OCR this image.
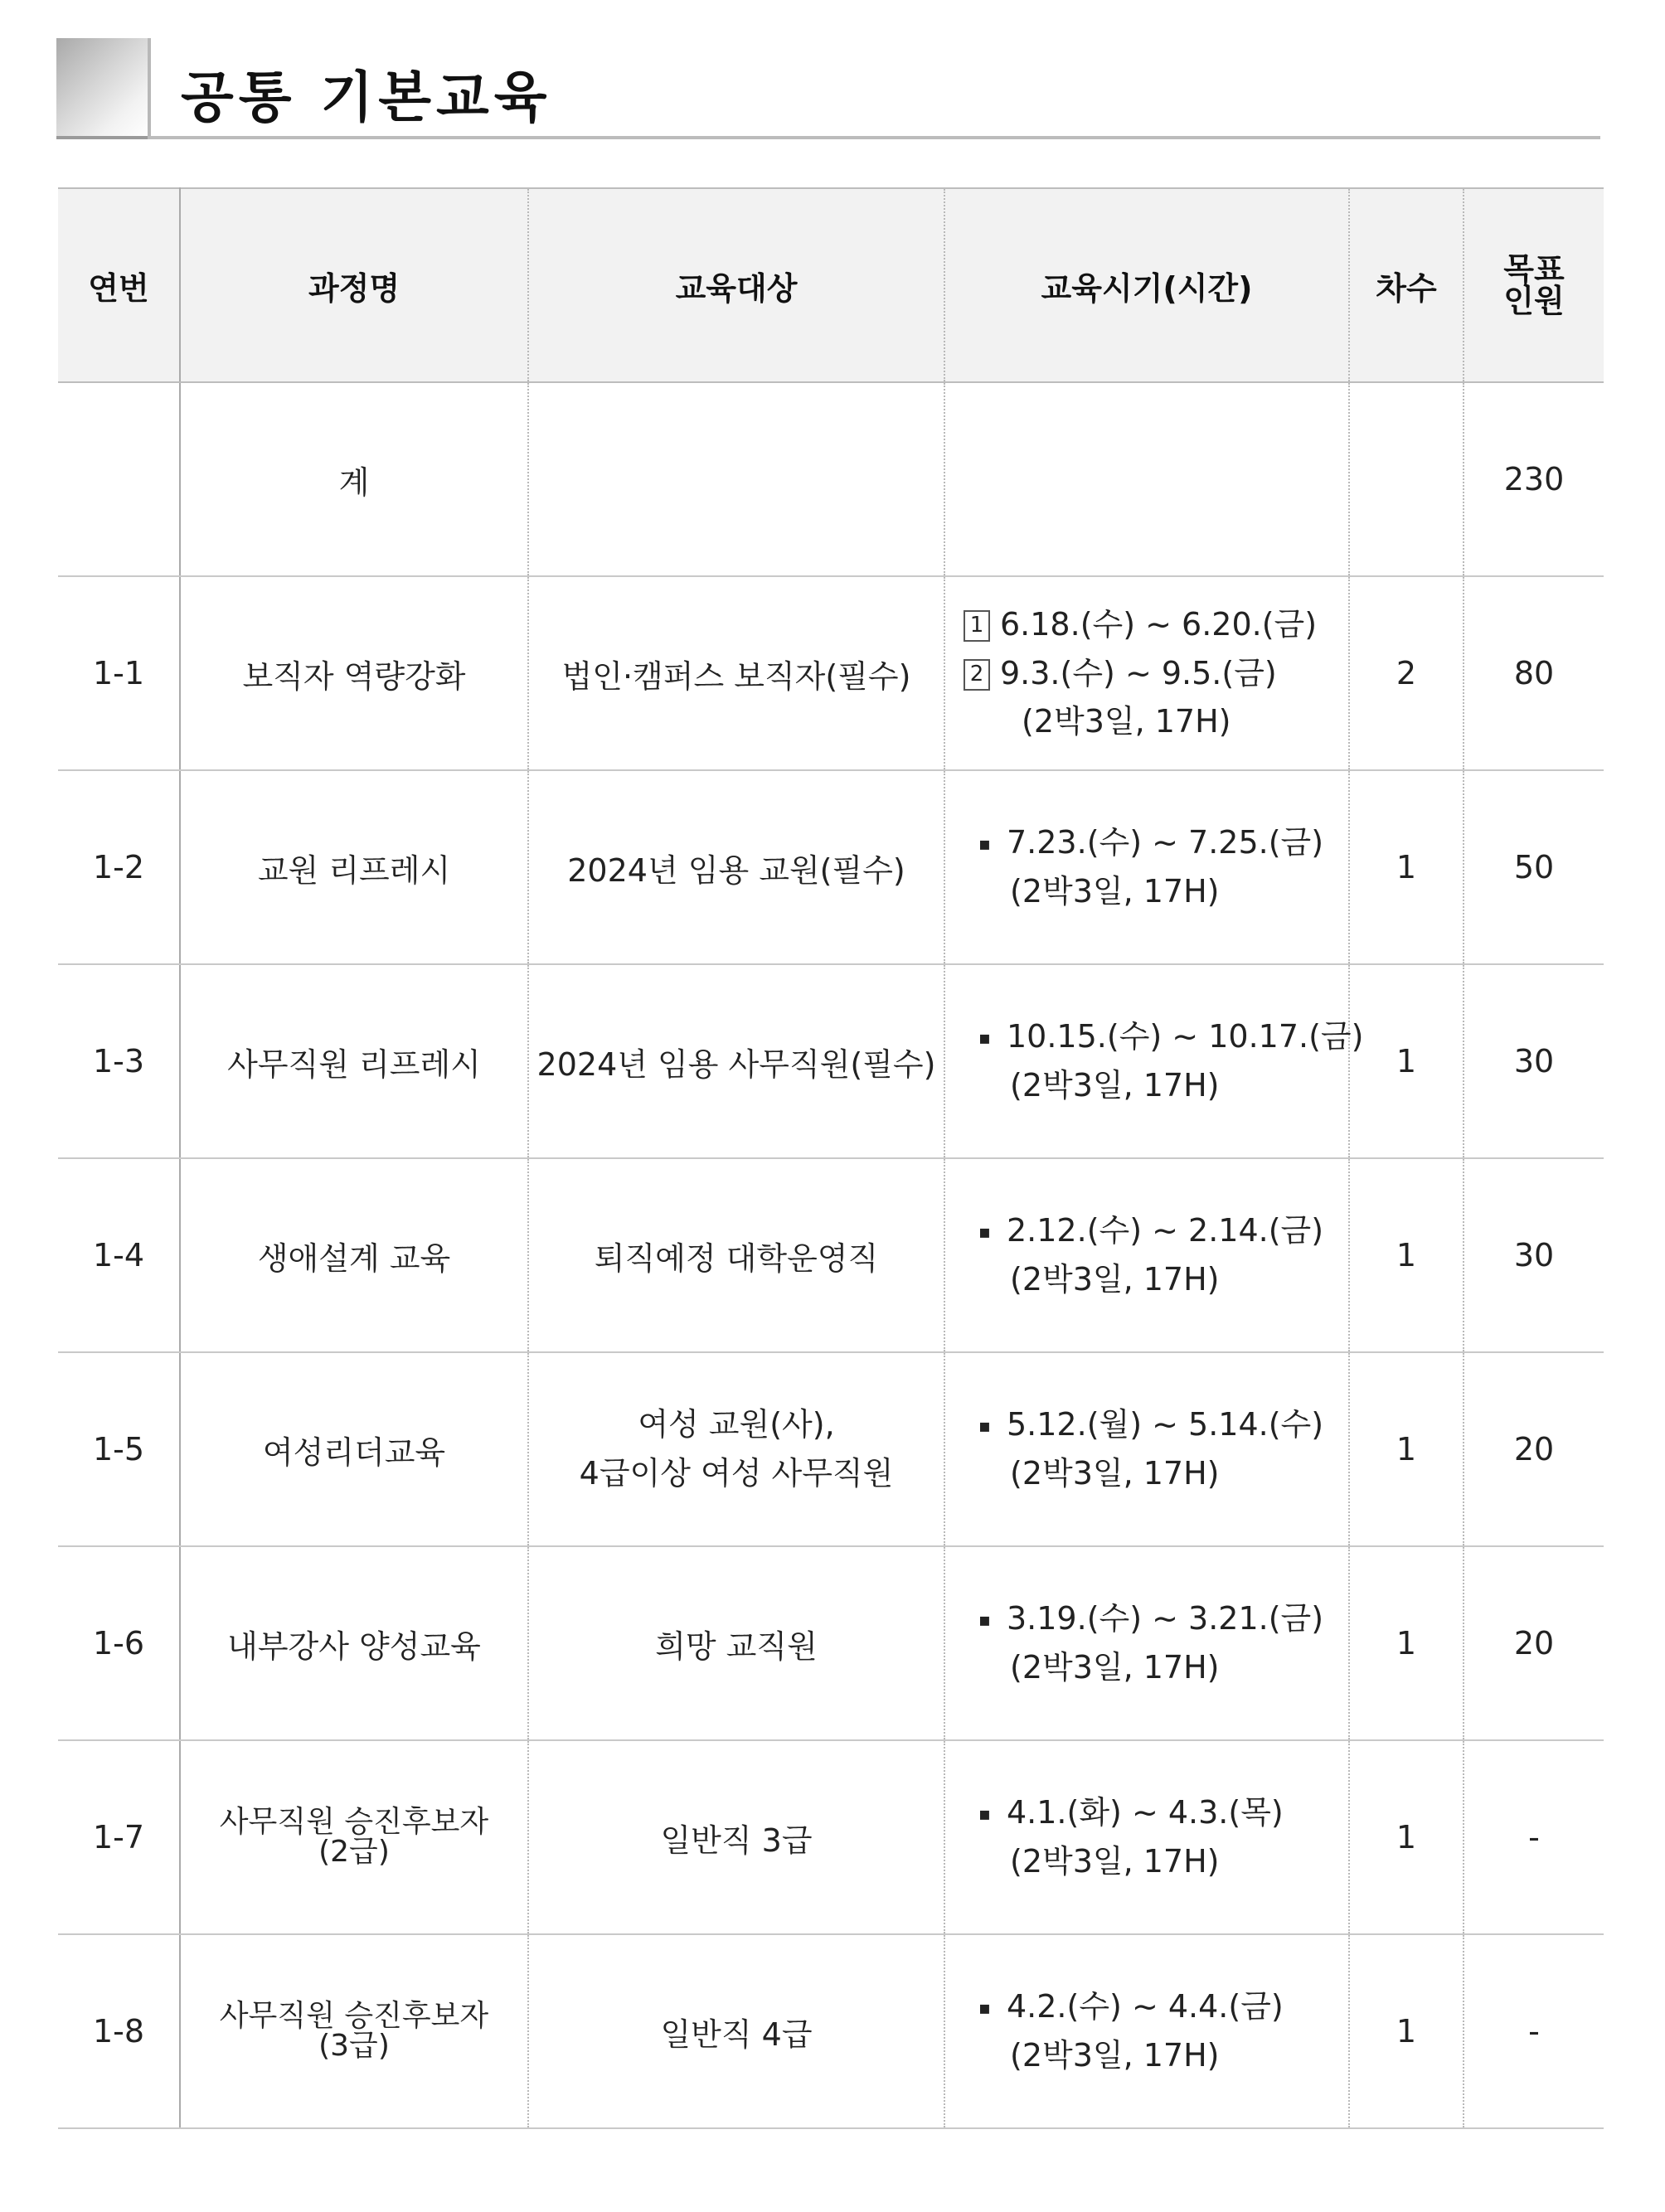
공통 기본교육
연번	과정명	교육대상	교육시기(시간)	차수	목표
인원
	계				230
1-1	보직자 역량강화	법인·캠퍼스 보직자(필수)	1 6.18.(수) ~ 6.20.(금)
2 9.3.(수) ~ 9.5.(금)
(2박3일, 17H)	2	80
1-2	교원 리프레시	2024년 임용 교원(필수)	▪ 7.23.(수) ~ 7.25.(금)
(2박3일, 17H)	1	50
1-3	사무직원 리프레시	2024년 임용 사무직원(필수)	▪ 10.15.(수) ~ 10.17.(금)
(2박3일, 17H)	1	30
1-4	생애설계 교육	퇴직예정 대학운영직	▪ 2.12.(수) ~ 2.14.(금)
(2박3일, 17H)	1	30
1-5	여성리더교육	여성 교원(사),
4급이상 여성 사무직원	▪ 5.12.(월) ~ 5.14.(수)
(2박3일, 17H)	1	20
1-6	내부강사 양성교육	희망 교직원	▪ 3.19.(수) ~ 3.21.(금)
(2박3일, 17H)	1	20
1-7	사무직원 승진후보자
(2급)	일반직 3급	▪ 4.1.(화) ~ 4.3.(목)
(2박3일, 17H)	1	-
1-8	사무직원 승진후보자
(3급)	일반직 4급	▪ 4.2.(수) ~ 4.4.(금)
(2박3일, 17H)	1	-
